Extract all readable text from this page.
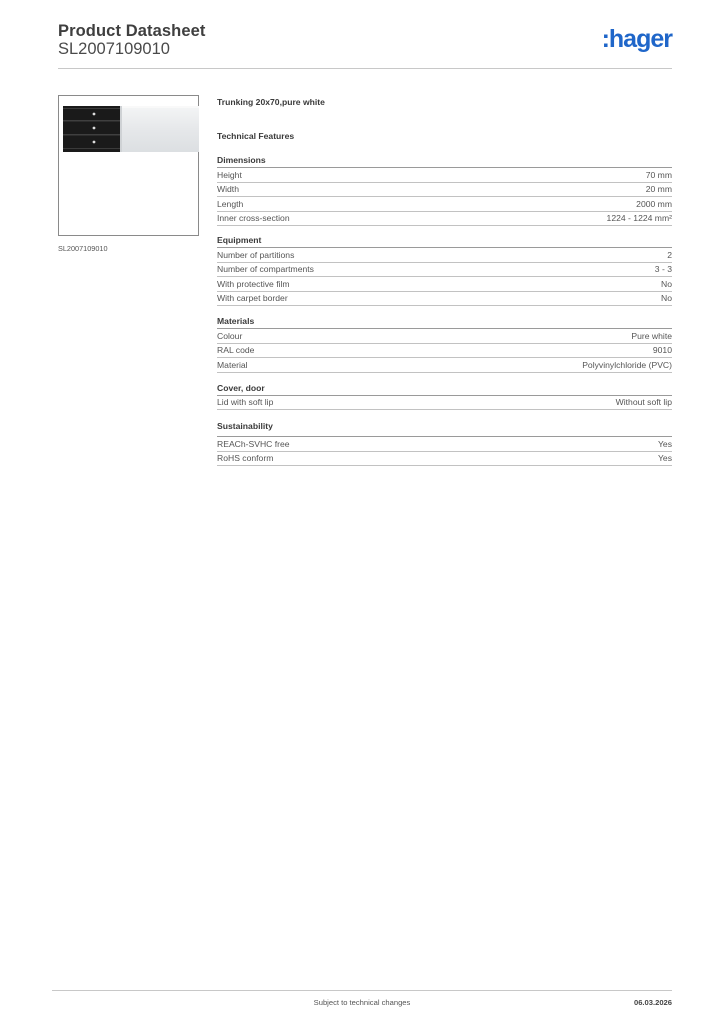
Product Datasheet
SL2007109010	:hager
SL2007109010
Trunking 20x70,pure white
Technical Features
Dimensions
Height	70 mm
Width	20 mm
Length	2000 mm
Inner cross-section	1224 - 1224 mm²
Equipment
Number of partitions	2
Number of compartments	3 - 3
With protective film	No
With carpet border	No
Materials
Colour	Pure white
RAL code	9010
Material	Polyvinylchloride (PVC)
Cover, door
Lid with soft lip	Without soft lip
Sustainability
REACh-SVHC free	Yes
RoHS conform	Yes
Subject to technical changes	06.03.2026
